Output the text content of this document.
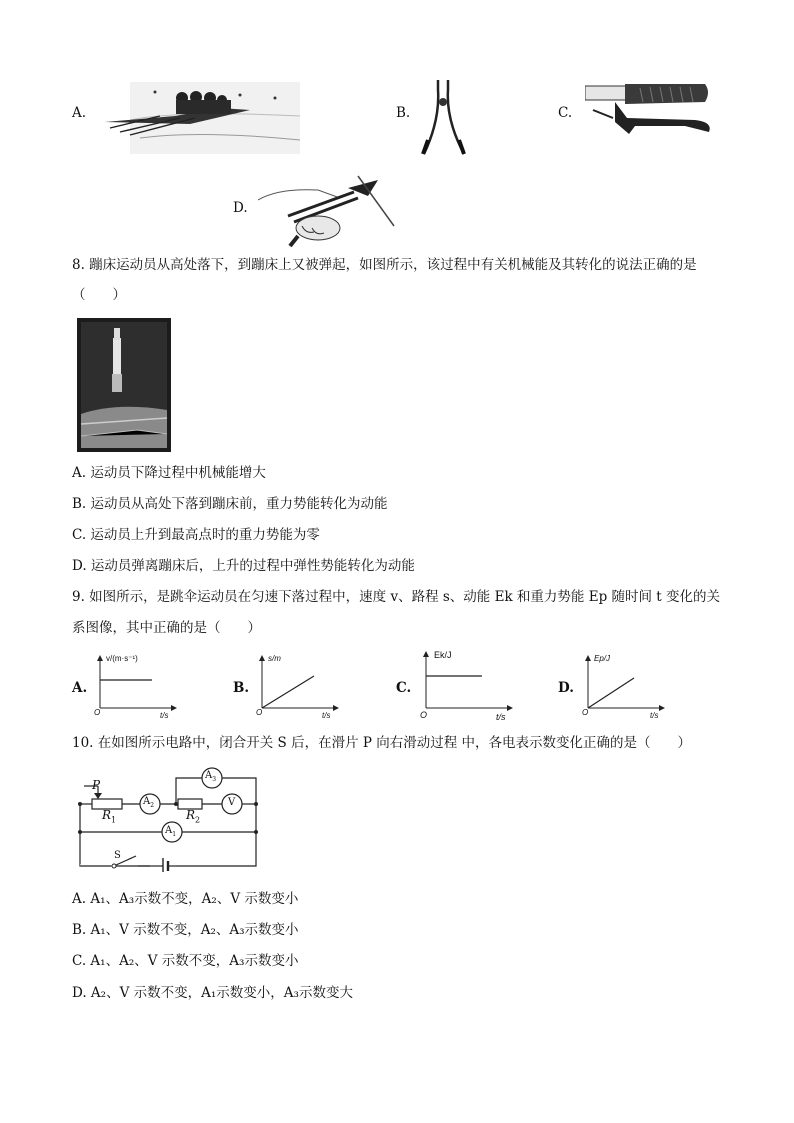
A.	B.	C.
D.
8. 蹦床运动员从高处落下，到蹦床上又被弹起，如图所示，该过程中有关机械能及其转化的说法正确的是
（　　）
A. 运动员下降过程中机械能增大
B. 运动员从高处下落到蹦床前，重力势能转化为动能
C. 运动员上升到最高点时的重力势能为零
D. 运动员弹离蹦床后，上升的过程中弹性势能转化为动能
9. 如图所示，是跳伞运动员在匀速下落过程中，速度 v、路程 s、动能 Ek 和重力势能 Ep 随时间 t 变化的关
系图像，其中正确的是（　　）
A.
v/(m·s⁻¹)
t/s
O
B.
s/m
t/s
O
C.
Ek/J
t/s
O
D.
Ep/J
t/s
O
10. 在如图所示电路中，闭合开关 S 后，在滑片 P 向右滑动过程 中，各电表示数变化正确的是（　　）
P
$R_1$	$R_2$
$A_2$
$A_3$
V
$A_1$
S
A. A₁、A₃示数不变，A₂、V 示数变小
B. A₁、V 示数不变，A₂、A₃示数变小
C. A₁、A₂、V 示数不变，A₃示数变小
D. A₂、V 示数不变，A₁示数变小，A₃示数变大
